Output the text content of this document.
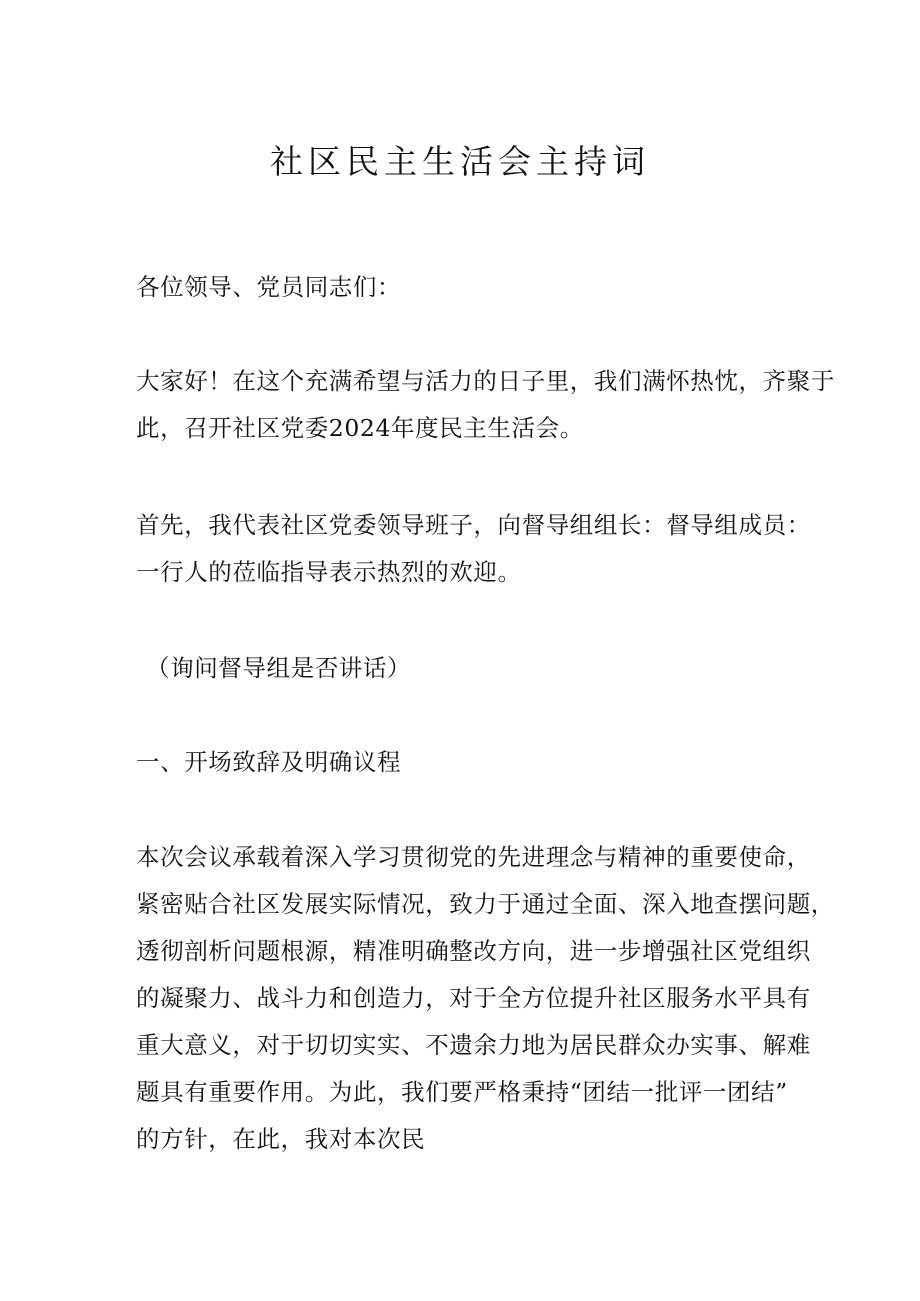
社区民主生活会主持词

各位领导、党员同志们：

大家好！在这个充满希望与活力的日子里，我们满怀热忱，齐聚于
此，召开社区党委2024年度民主生活会。

首先，我代表社区党委领导班子，向督导组组长：督导组成员：
一行人的莅临指导表示热烈的欢迎。

（询问督导组是否讲话）

一、开场致辞及明确议程

本次会议承载着深入学习贯彻党的先进理念与精神的重要使命，
紧密贴合社区发展实际情况，致力于通过全面、深入地查摆问题，
透彻剖析问题根源，精准明确整改方向，进一步增强社区党组织
的凝聚力、战斗力和创造力，对于全方位提升社区服务水平具有
重大意义，对于切切实实、不遗余力地为居民群众办实事、解难
题具有重要作用。为此，我们要严格秉持“团结一批评一团结”
的方针，在此，我对本次民
